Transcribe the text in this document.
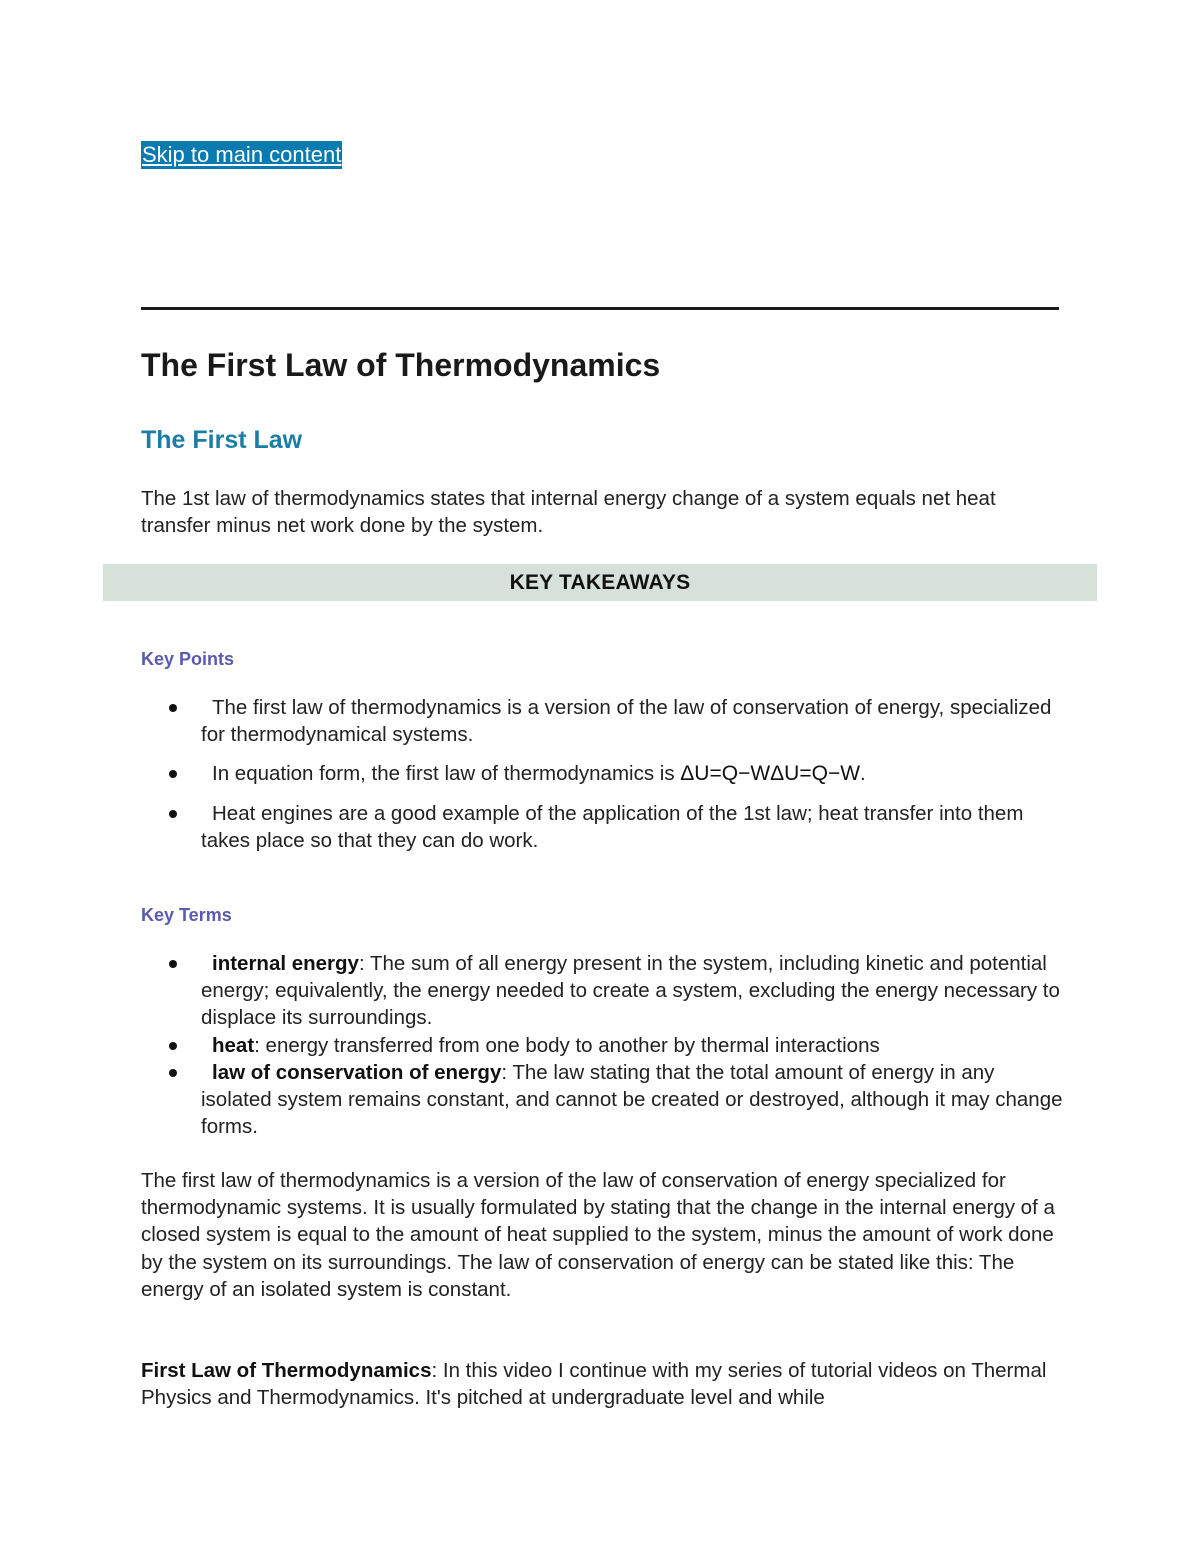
Skip to main content
The First Law of Thermodynamics
The First Law

The 1st law of thermodynamics states that internal energy change of a system equals net heat transfer minus net work done by the system.

KEY TAKEAWAYS
Key Points
The first law of thermodynamics is a version of the law of conservation of energy, specialized for thermodynamical systems.
In equation form, the first law of thermodynamics is ΔU=Q−WΔU=Q−W.
Heat engines are a good example of the application of the 1st law; heat transfer into them takes place so that they can do work.
Key Terms
internal energy: The sum of all energy present in the system, including kinetic and potential energy; equivalently, the energy needed to create a system, excluding the energy necessary to displace its surroundings.
heat: energy transferred from one body to another by thermal interactions
law of conservation of energy: The law stating that the total amount of energy in any isolated system remains constant, and cannot be created or destroyed, although it may change forms.

The first law of thermodynamics is a version of the law of conservation of energy specialized for thermodynamic systems. It is usually formulated by stating that the change in the internal energy of a closed system is equal to the amount of heat supplied to the system, minus the amount of work done by the system on its surroundings. The law of conservation of energy can be stated like this: The energy of an isolated system is constant.

First Law of Thermodynamics: In this video I continue with my series of tutorial videos on Thermal Physics and Thermodynamics. It's pitched at undergraduate level and while
